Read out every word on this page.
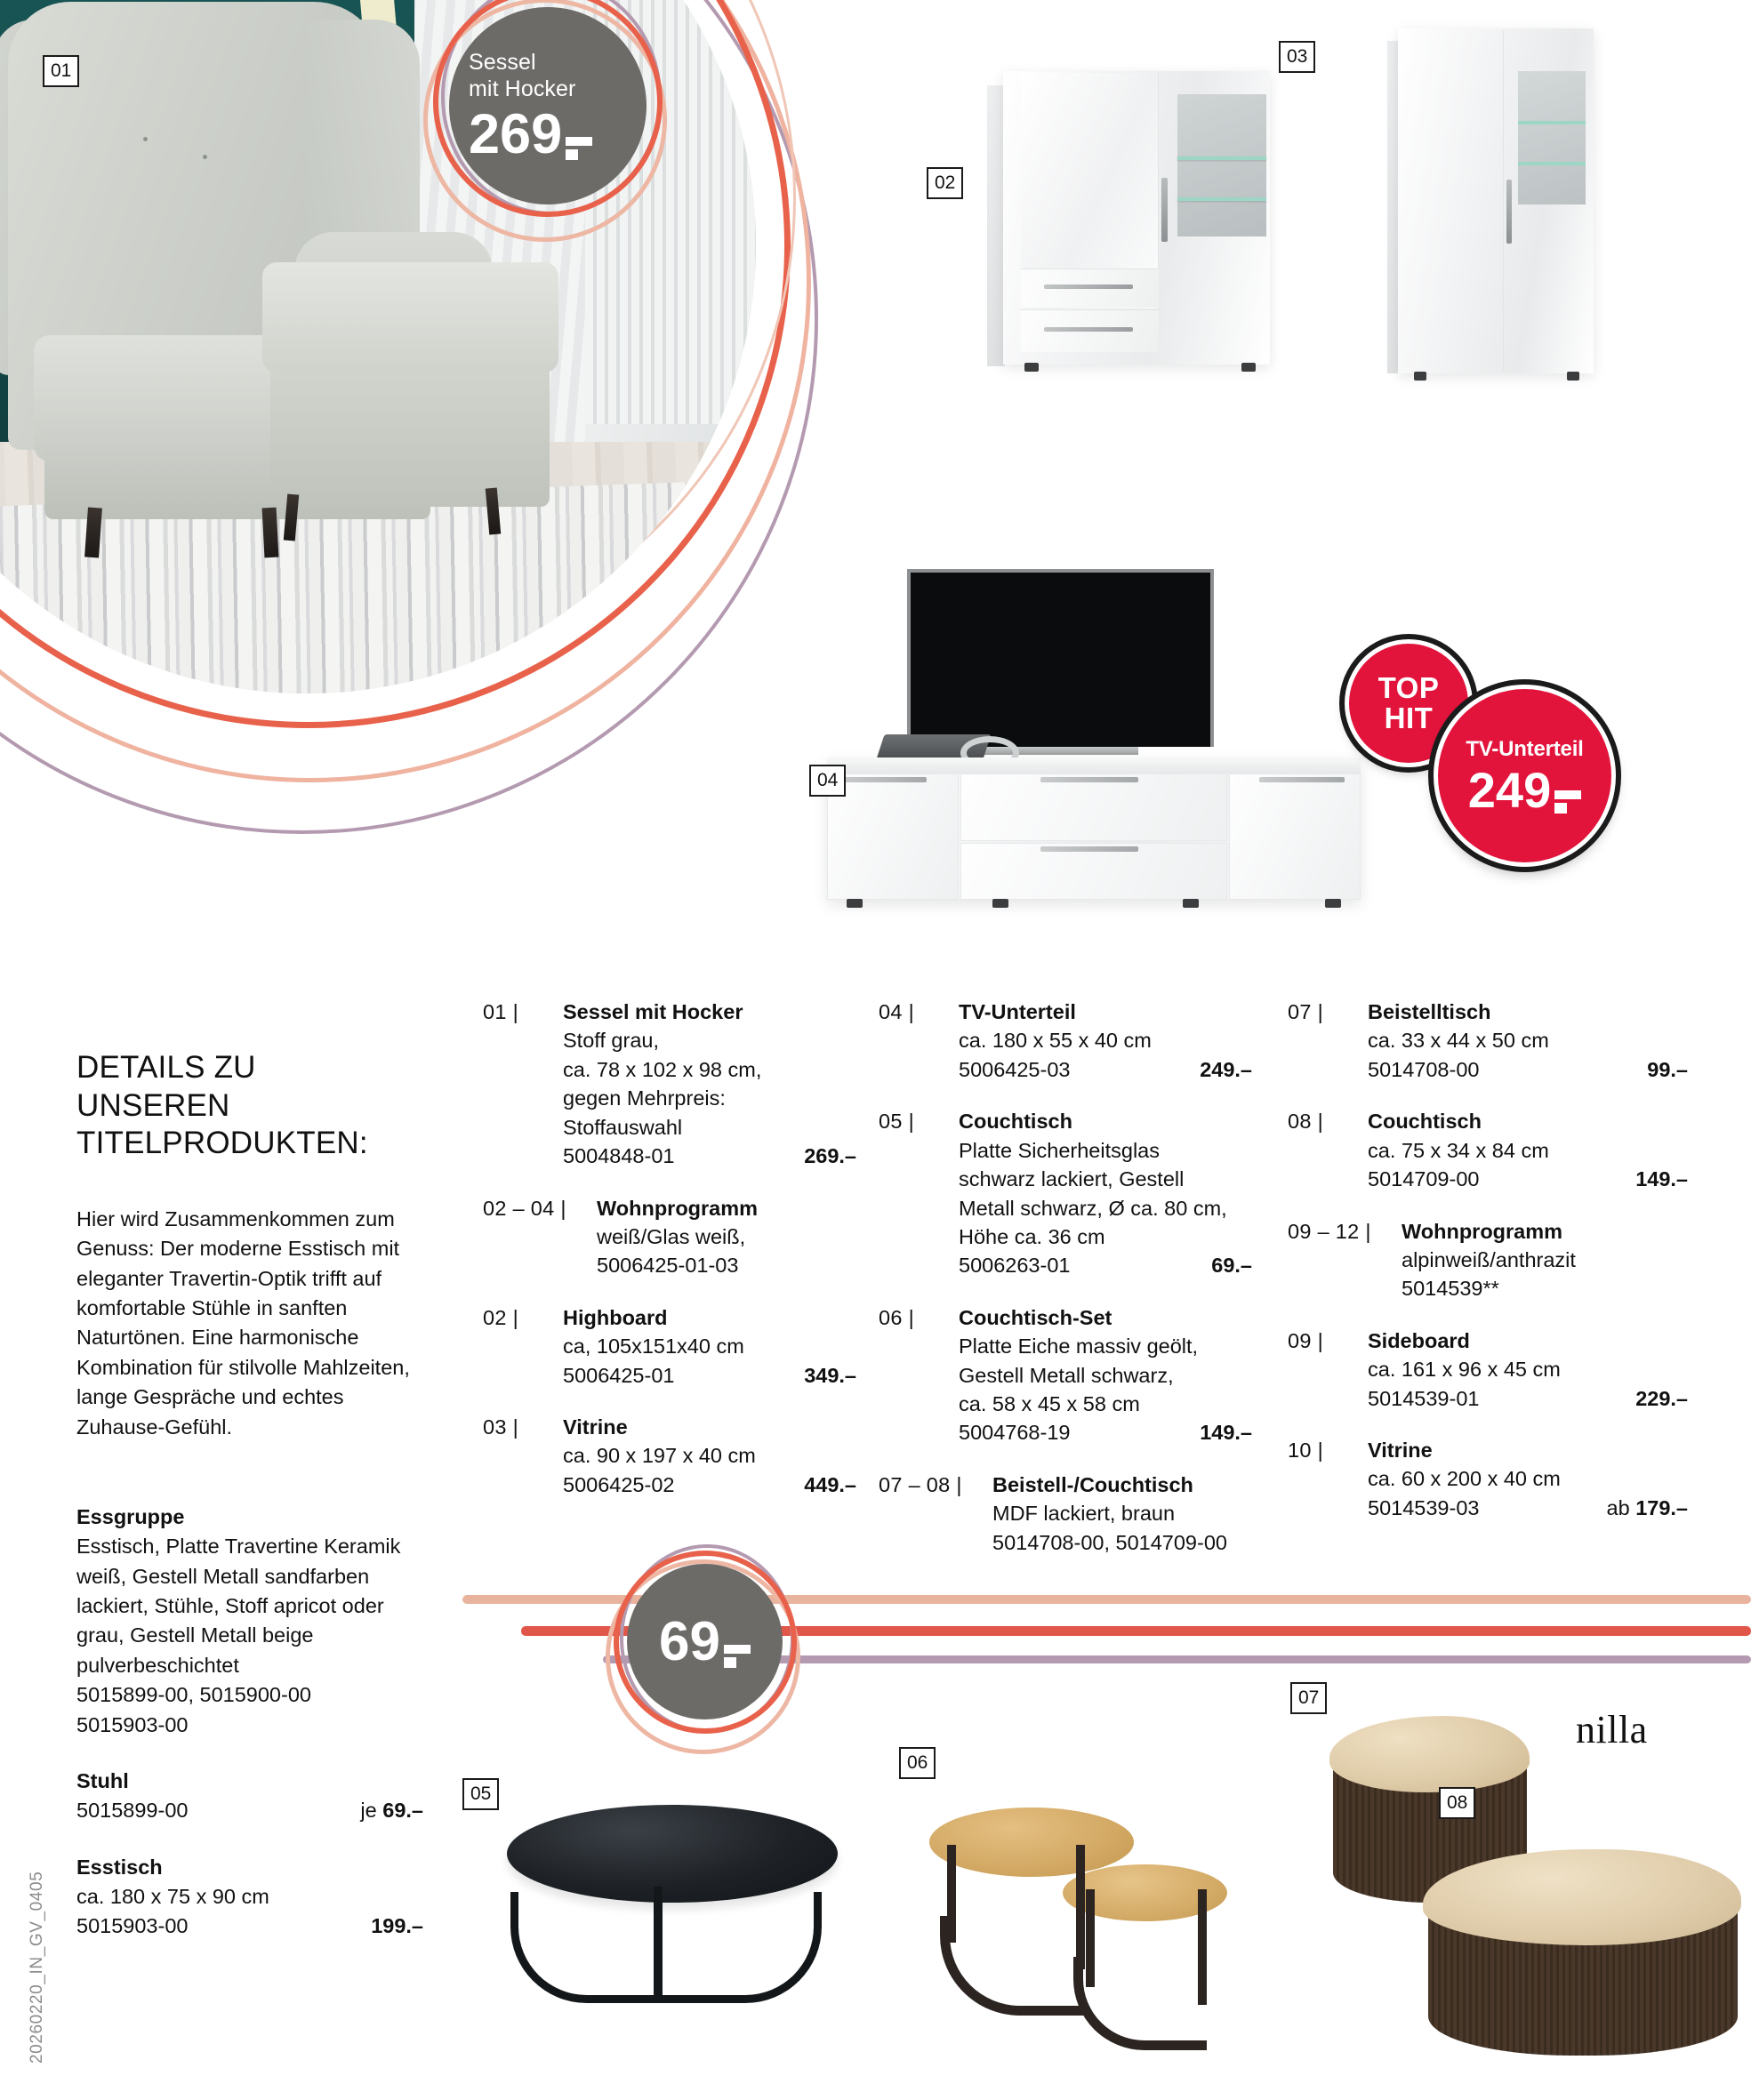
01	Sessel
mit Hocker
269
02
03
04
TOP
HIT
TV-Unterteil
249
DETAILS ZU
UNSEREN
TITELPRODUKTEN:
Hier wird Zusammenkommen zum Genuss: Der moderne Esstisch mit eleganter Travertin-Optik trifft auf komfortable Stühle in sanften Naturtönen. Eine harmonische Kombination für stilvolle Mahlzeiten, lange Gespräche und echtes Zuhause-Gefühl.
Essgruppe
Esstisch, Platte Travertine Keramik weiß, Gestell Metall sandfarben lackiert, Stühle, Stoff apricot oder grau, Gestell Metall beige pulverbeschichtet
5015899-00, 5015900-00
5015903-00
Stuhl
5015899-00	je 69.–
Esstisch
ca. 180 x 75 x 90 cm
5015903-00	199.–
20260220_IN_GV_0405
01 |	Sessel mit Hocker
Stoff grau,
ca. 78 x 102 x 98 cm,
gegen Mehrpreis:
Stoffauswahl
5004848-01	269.–
02 – 04 |	Wohnprogramm
weiß/Glas weiß,
5006425-01-03
02 |	Highboard
ca, 105x151x40 cm
5006425-01	349.–
03 |	Vitrine
ca. 90 x 197 x 40 cm
5006425-02	449.–
04 |	TV-Unterteil
ca. 180 x 55 x 40 cm
5006425-03	249.–
05 |	Couchtisch
Platte Sicherheitsglas
schwarz lackiert, Gestell
Metall schwarz, Ø ca. 80 cm,
Höhe ca. 36 cm
5006263-01	69.–
06 |	Couchtisch-Set
Platte Eiche massiv geölt,
Gestell Metall schwarz,
ca. 58 x 45 x 58 cm
5004768-19	149.–
07 – 08 |	Beistell-/Couchtisch
MDF lackiert, braun
5014708-00, 5014709-00
07 |	Beistelltisch
ca. 33 x 44 x 50 cm
5014708-00	99.–
08 |	Couchtisch
ca. 75 x 34 x 84 cm
5014709-00	149.–
09 – 12 |	Wohnprogramm
alpinweiß/anthrazit
5014539**
09 |	Sideboard
ca. 161 x 96 x 45 cm
5014539-01	229.–
10 |	Vitrine
ca. 60 x 200 x 40 cm
5014539-03	ab 179.–
69
05
06
07
08
nilla
